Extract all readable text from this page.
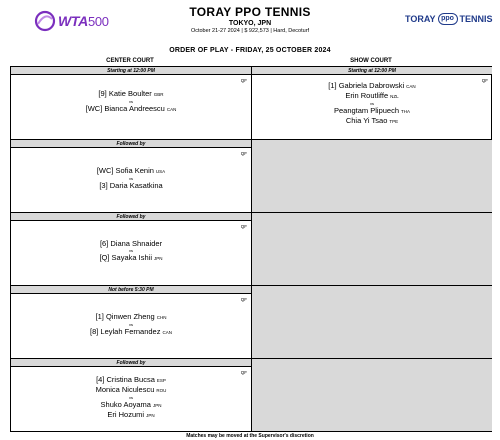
WTA500
TORAY PPO TENNIS
TOKYO, JPN
October 21-27 2024 | $ 922,573 | Hard, Decoturf
TORAY ppo TENNIS
ORDER OF PLAY - FRIDAY, 25 OCTOBER 2024
CENTER COURT	SHOW COURT
Starting at 12:00 PM
QF
[9] Katie Boulter GBR
vs
[WC] Bianca Andreescu CAN
Followed by
QF
[WC] Sofia Kenin USA
vs
[3] Daria Kasatkina
Followed by
QF
[6] Diana Shnaider
vs
[Q] Sayaka Ishii JPN
Not before 5:30 PM
QF
[1] Qinwen Zheng CHN
vs
[8] Leylah Fernandez CAN
Followed by
QF
[4] Cristina Bucsa ESP
Monica Niculescu ROU
vs
Shuko Aoyama JPN
Eri Hozumi JPN
Starting at 12:00 PM
QF
[1] Gabriela Dabrowski CAN
Erin Routliffe NZL
vs
Peangtam Plipuech THA
Chia Yi Tsao TPE
Matches may be moved at the Supervisor's discretion
